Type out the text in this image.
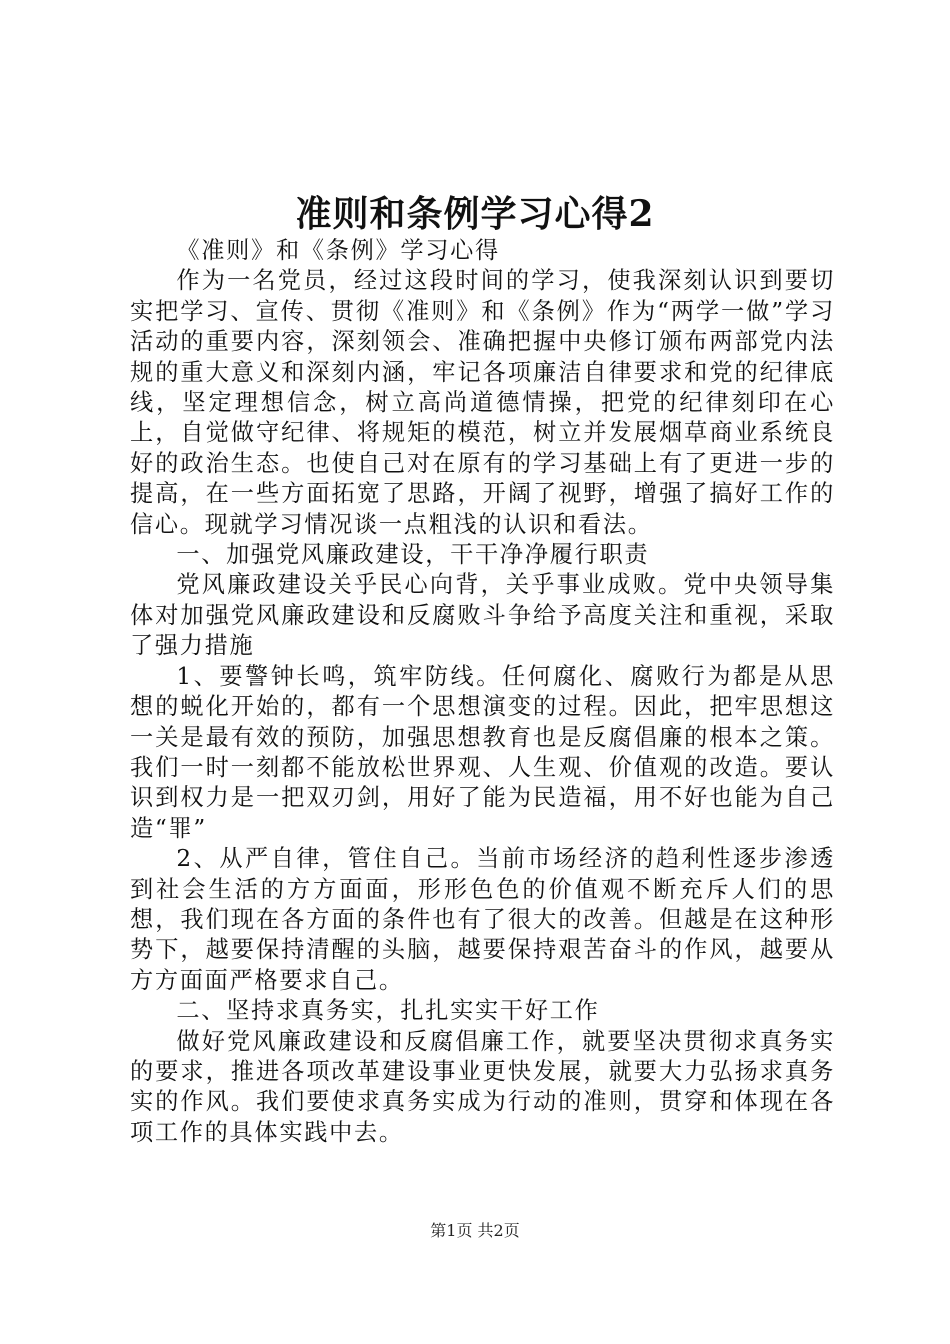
准则和条例学习心得2

《准则》和《条例》学习心得

作为一名党员，经过这段时间的学习，使我深刻认识到要切实把学习、宣传、贯彻《准则》和《条例》作为“两学一做”学习活动的重要内容，深刻领会、准确把握中央修订颁布两部党内法规的重大意义和深刻内涵，牢记各项廉洁自律要求和党的纪律底线，坚定理想信念，树立高尚道德情操，把党的纪律刻印在心上，自觉做守纪律、将规矩的模范，树立并发展烟草商业系统良好的政治生态。也使自己对在原有的学习基础上有了更进一步的提高，在一些方面拓宽了思路，开阔了视野，增强了搞好工作的信心。现就学习情况谈一点粗浅的认识和看法。

一、加强党风廉政建设，干干净净履行职责

党风廉政建设关乎民心向背，关乎事业成败。党中央领导集体对加强党风廉政建设和反腐败斗争给予高度关注和重视，采取了强力措施

1、要警钟长鸣，筑牢防线。任何腐化、腐败行为都是从思想的蜕化开始的，都有一个思想演变的过程。因此，把牢思想这一关是最有效的预防，加强思想教育也是反腐倡廉的根本之策。我们一时一刻都不能放松世界观、人生观、价值观的改造。要认识到权力是一把双刃剑，用好了能为民造福，用不好也能为自己造“罪”

2、从严自律，管住自己。当前市场经济的趋利性逐步渗透到社会生活的方方面面，形形色色的价值观不断充斥人们的思想，我们现在各方面的条件也有了很大的改善。但越是在这种形势下，越要保持清醒的头脑，越要保持艰苦奋斗的作风，越要从方方面面严格要求自己。

二、坚持求真务实，扎扎实实干好工作

做好党风廉政建设和反腐倡廉工作，就要坚决贯彻求真务实的要求，推进各项改革建设事业更快发展，就要大力弘扬求真务实的作风。我们要使求真务实成为行动的准则，贯穿和体现在各项工作的具体实践中去。

第1页 共2页
